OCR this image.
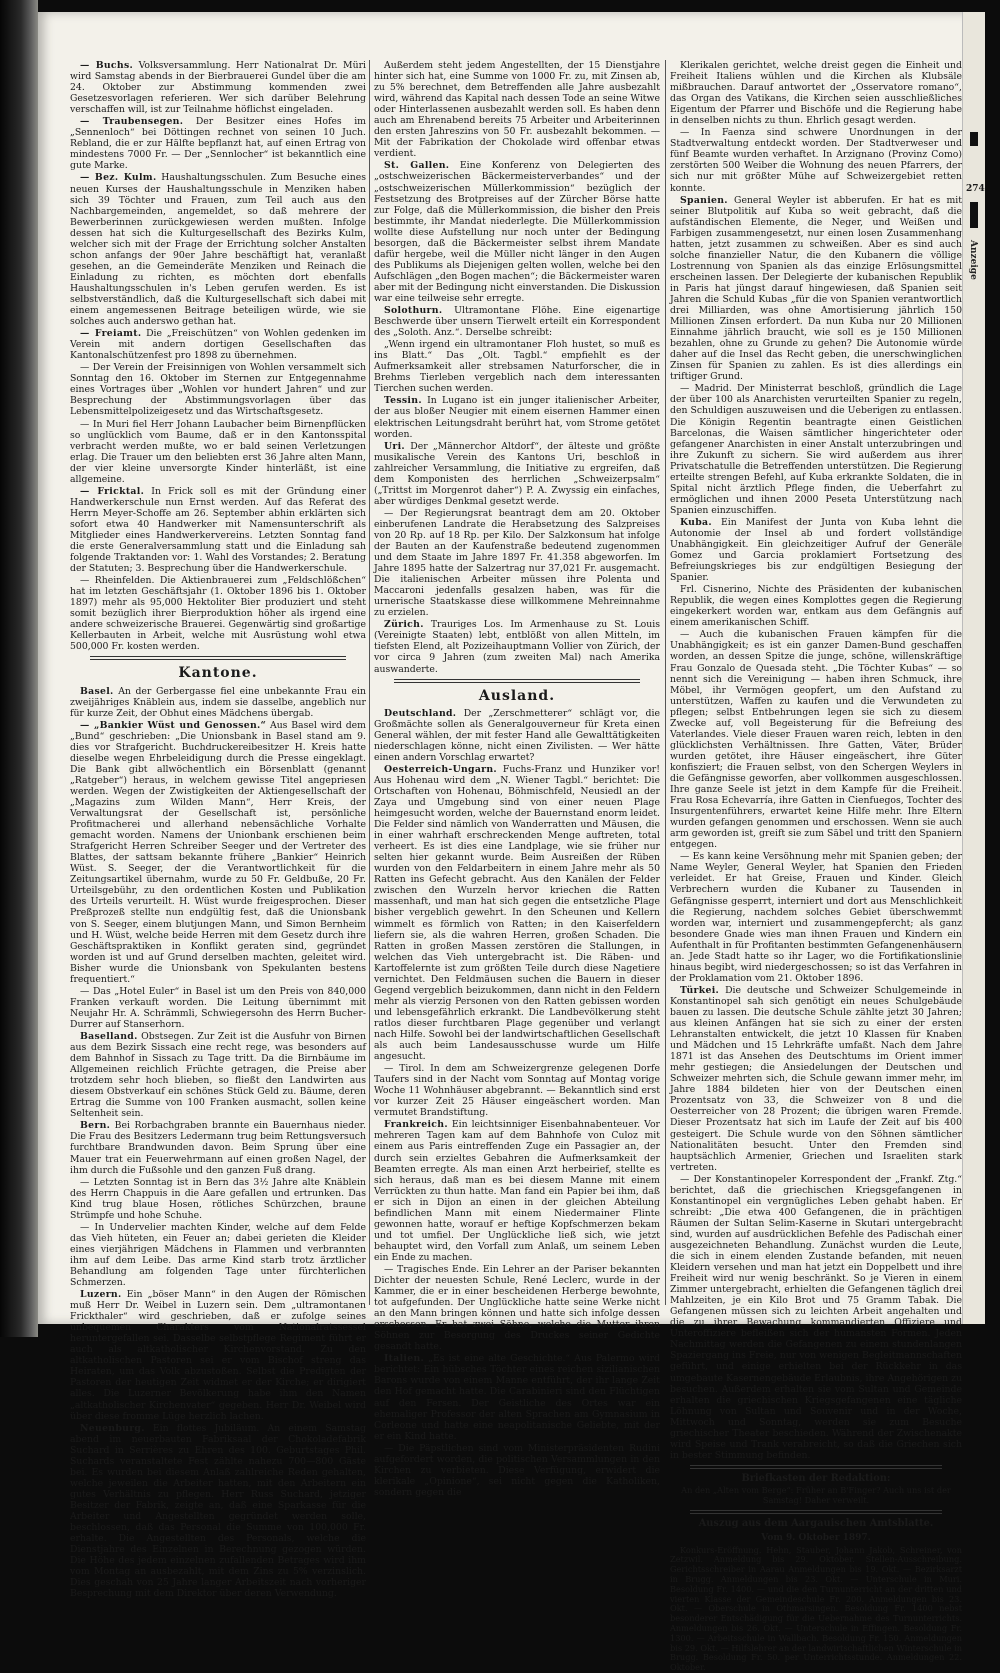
— Buchs. Volksversammlung. Herr Nationalrat Dr. Müri wird Samstag abends in der Bierbrauerei Gundel über die am 24. Oktober zur Abstimmung kommenden zwei Gesetzesvorlagen referieren. Wer sich darüber Belehrung verschaffen will, ist zur Teilnahme höflichst eingeladen.

— Traubensegen. Der Besitzer eines Hofes im „Sennenloch“ bei Döttingen rechnet von seinen 10 Juch. Rebland, die er zur Hälfte bepflanzt hat, auf einen Ertrag von mindestens 7000 Fr. — Der „Sennlocher“ ist bekanntlich eine gute Marke.

— Bez. Kulm. Haushaltungsschulen. Zum Besuche eines neuen Kurses der Haushaltungsschule in Menziken haben sich 39 Töchter und Frauen, zum Teil auch aus den Nachbargemeinden, angemeldet, so daß mehrere der Bewerberinnen zurückgewiesen werden mußten. Infolge dessen hat sich die Kulturgesellschaft des Bezirks Kulm, welcher sich mit der Frage der Errichtung solcher Anstalten schon anfangs der 90er Jahre beschäftigt hat, veranlaßt gesehen, an die Gemeinderäte Menziken und Reinach die Einladung zu richten, es möchten dort ebenfalls Haushaltungsschulen in's Leben gerufen werden. Es ist selbstverständlich, daß die Kulturgesellschaft sich dabei mit einem angemessenen Beitrage beteiligen würde, wie sie solches auch anderswo gethan hat.

— Freiamt. Die „Freischützen“ von Wohlen gedenken im Verein mit andern dortigen Gesellschaften das Kantonalschützenfest pro 1898 zu übernehmen.

— Der Verein der Freisinnigen von Wohlen versammelt sich Sonntag den 16. Oktober im Sternen zur Entgegennahme eines Vortrages über „Wohlen vor hundert Jahren“ und zur Besprechung der Abstimmungsvorlagen über das Lebensmittelpolizeigesetz und das Wirtschaftsgesetz.

— In Muri fiel Herr Johann Laubacher beim Birnenpflücken so unglücklich vom Baume, daß er in den Kantonsspital verbracht werden mußte, wo er bald seinen Verletzungen erlag. Die Trauer um den beliebten erst 36 Jahre alten Mann, der vier kleine unversorgte Kinder hinterläßt, ist eine allgemeine.

— Fricktal. In Frick soll es mit der Gründung einer Handwerkerschule nun Ernst werden. Auf das Referat des Herrn Meyer-Schoffe am 26. September abhin erklärten sich sofort etwa 40 Handwerker mit Namensunterschrift als Mitglieder eines Handwerkervereins. Letzten Sonntag fand die erste Generalversammlung statt und die Einladung sah folgende Traktanden vor: 1. Wahl des Vorstandes; 2. Beratung der Statuten; 3. Besprechung über die Handwerkerschule.

— Rheinfelden. Die Aktienbrauerei zum „Feldschlößchen“ hat im letzten Geschäftsjahr (1. Oktober 1896 bis 1. Oktober 1897) mehr als 95,000 Hektoliter Bier produziert und steht somit bezüglich ihrer Bierproduktion höher als irgend eine andere schweizerische Brauerei. Gegenwärtig sind großartige Kellerbauten in Arbeit, welche mit Ausrüstung wohl etwa 500,000 Fr. kosten werden.

Kantone.

Basel. An der Gerbergasse fiel eine unbekannte Frau ein zweijähriges Knäblein aus, indem sie dasselbe, angeblich nur für kurze Zeit, der Obhut eines Mädchens übergab.

— „Bankier Wüst und Genossen.“ Aus Basel wird dem „Bund“ geschrieben: „Die Unionsbank in Basel stand am 9. dies vor Strafgericht. Buchdruckereibesitzer H. Kreis hatte dieselbe wegen Ehrbeleidigung durch die Presse eingeklagt. Die Bank gibt allwöchentlich ein Börsenblatt (genannt „Ratgeber“) heraus, in welchem gewisse Titel angepriesen werden. Wegen der Zwistigkeiten der Aktiengesellschaft der „Magazins zum Wilden Mann“, Herr Kreis, der Verwaltungsrat der Gesellschaft ist, persönliche Profitmacherei und allerhand nebensächliche Vorhalte gemacht worden. Namens der Unionbank erschienen beim Strafgericht Herren Schreiber Seeger und der Vertreter des Blattes, der sattsam bekannte frühere „Bankier“ Heinrich Wüst. S. Seeger, der die Verantwortlichkeit für die Zeitungsartikel übernahm, wurde zu 50 Fr. Geldbuße, 20 Fr. Urteilsgebühr, zu den ordentlichen Kosten und Publikation des Urteils verurteilt. H. Wüst wurde freigesprochen. Dieser Preßprozeß stellte nun endgültig fest, daß die Unionsbank von S. Seeger, einem blutjungen Mann, und Simon Bernheim und H. Wüst, welche beide Herren mit dem Gesetz durch ihre Geschäftspraktiken in Konflikt geraten sind, gegründet worden ist und auf Grund derselben machten, geleitet wird. Bisher wurde die Unionsbank von Spekulanten bestens frequentiert.“

— Das „Hotel Euler“ in Basel ist um den Preis von 840,000 Franken verkauft worden. Die Leitung übernimmt mit Neujahr Hr. A. Schrämmli, Schwiegersohn des Herrn Bucher-Durrer auf Stanserhorn.

Baselland. Obstsegen. Zur Zeit ist die Ausfuhr von Birnen aus dem Bezirk Sissach eine recht rege, was besonders auf dem Bahnhof in Sissach zu Tage tritt. Da die Birnbäume im Allgemeinen reichlich Früchte getragen, die Preise aber trotzdem sehr hoch blieben, so fließt den Landwirten aus diesem Obstverkauf ein schönes Stück Geld zu. Bäume, deren Ertrag die Summe von 100 Franken ausmacht, sollen keine Seltenheit sein.

Bern. Bei Rorbachgraben brannte ein Bauernhaus nieder. Die Frau des Besitzers Ledermann trug beim Rettungsversuch furchtbare Brandwunden davon. Beim Sprung über eine Mauer trat ein Feuerwehrmann auf einen großen Nagel, der ihm durch die Fußsohle und den ganzen Fuß drang.

— Letzten Sonntag ist in Bern das 3½ Jahre alte Knäblein des Herrn Chappuis in die Aare gefallen und ertrunken. Das Kind trug blaue Hosen, rötliches Schürzchen, braune Strümpfe und hohe Schuhe.

— In Undervelier machten Kinder, welche auf dem Felde das Vieh hüteten, ein Feuer an; dabei gerieten die Kleider eines vierjährigen Mädchens in Flammen und verbrannten ihm auf dem Leibe. Das arme Kind starb trotz ärztlicher Behandlung am folgenden Tage unter fürchterlichen Schmerzen.

Luzern. Ein „böser Mann“ in den Augen der Römischen muß Herr Dr. Weibel in Luzern sein. Dem „ultramontanen Frickthaler“ wird geschrieben, daß er zufolge seines unbequemen Charakters vom Nationalratssessel heruntergefallen sei. Dasselbe selbstpflege Regiment führt er auch als altkatholischer Kirchenvorstand. Zu den altkatholischen Pastoren sei er vom Bischof streng das Heiraten, um das Volk abzustoßen. Selbst die Predigten der Pastoren der heutigen Zeit widmet er der Kirche; er dirigiert alles. Die Luzerner Bevölkerung habe ihm den Namen „altkatholischer Kirchenvater“ gegeben. Herr Dr. Weibel wird über diese fromme Lüge herzlich lachen.

Neuenburg. Ein flottes Jubiläum. An einem Samstag abend im neuerbauten Fabriksaal der Chokoladefabrik Suchard in Serrières zu Ehren des 100. Geburtstages Phil. Suchards veranstaltete Fest zählte nahezu 700—800 Gäste bei. Es wurden bei diesem Anlaß zahlreiche Reden gehalten, welche jeweilen die Arbeiter hatten, mit den Arbeitern ein gutes Verhältnis zu pflegen. Herr Russ Suchard, jetziger Besitzer der Fabrik, zeigte an, daß eine Sparkasse für die Arbeiter und Angestellten gegründet werden solle, beschlossen, daß das Personal die Summe von 100,000 Fr. erhalte. Die Angestellten des Personals, welche die Dienstjahre des Einzelnen in Berechnung gezogen würden. Die Höhe des jedem einzelnen zufallenden Betrages wird ihm vom Montag an ausbezahlt, mit dem Zins zu 5% verzinslich. Dies geschah von 25 Jahre langer Arbeitszeit nach vorheriger Besprechung mit dem Direktor über deren Verwendung.

Außerdem steht jedem Angestellten, der 15 Dienstjahre hinter sich hat, eine Summe von 1000 Fr. zu, mit Zinsen ab, zu 5% berechnet, dem Betreffenden alle Jahre ausbezahlt wird, während das Kapital nach dessen Tode an seine Witwe oder Hinterlassenen ausbezahlt werden soll. Es haben denn auch am Ehrenabend bereits 75 Arbeiter und Arbeiterinnen den ersten Jahreszins von 50 Fr. ausbezahlt bekommen. — Mit der Fabrikation der Chokolade wird offenbar etwas verdient.

St. Gallen. Eine Konferenz von Delegierten des „ostschweizerischen Bäckermeisterverbandes“ und der „ostschweizerischen Müllerkommission“ bezüglich der Festsetzung des Brotpreises auf der Zürcher Börse hatte zur Folge, daß die Müllerkommission, die bisher den Preis bestimmte, ihr Mandat niederlegte. Die Müllerkommission wollte diese Aufstellung nur noch unter der Bedingung besorgen, daß die Bäckermeister selbst ihrem Mandate dafür hergebe, weil die Müller nicht länger in den Augen des Publikums als Diejenigen gelten wollen, welche bei den Aufschlägen „den Bogen machen“; die Bäckermeister waren aber mit der Bedingung nicht einverstanden. Die Diskussion war eine teilweise sehr erregte.

Solothurn. Ultramontane Flöhe. Eine eigenartige Beschwerde über unsern Tierwelt erteilt ein Korrespondent des „Soloth. Anz.“. Derselbe schreibt:

„Wenn irgend ein ultramontaner Floh hustet, so muß es ins Blatt.“ Das „Olt. Tagbl.“ empfiehlt es der Aufmerksamkeit aller strebsamen Naturforscher, die in Brehms Tierleben vergeblich nach dem interessanten Tierchen suchen werden.

Tessin. In Lugano ist ein junger italienischer Arbeiter, der aus bloßer Neugier mit einem eisernen Hammer einen elektrischen Leitungsdraht berührt hat, vom Strome getötet worden.

Uri. Der „Männerchor Altdorf“, der älteste und größte musikalische Verein des Kantons Uri, beschloß in zahlreicher Versammlung, die Initiative zu ergreifen, daß dem Komponisten des herrlichen „Schweizerpsalm“ („Trittst im Morgenrot daher“) P. A. Zwyssig ein einfaches, aber würdiges Denkmal gesetzt werde.

— Der Regierungsrat beantragt dem am 20. Oktober einberufenen Landrate die Herabsetzung des Salzpreises von 20 Rp. auf 18 Rp. per Kilo. Der Salzkonsum hat infolge der Bauten an der Kaufenstraße bedeutend zugenommen und dem Staate im Jahre 1897 Fr. 41.358 abgeworfen. Im Jahre 1895 hatte der Salzertrag nur 37,021 Fr. ausgemacht. Die italienischen Arbeiter müssen ihre Polenta und Maccaroni jedenfalls gesalzen haben, was für die urnerische Staatskasse diese willkommene Mehreinnahme zu erzielen.

Zürich. Trauriges Los. Im Armenhause zu St. Louis (Vereinigte Staaten) lebt, entblößt von allen Mitteln, im tiefsten Elend, alt Pozizeihauptmann Vollier von Zürich, der vor circa 9 Jahren (zum zweiten Mal) nach Amerika auswanderte.

Ausland.

Deutschland. Der „Zerschmetterer“ schlägt vor, die Großmächte sollen als Generalgouverneur für Kreta einen General wählen, der mit fester Hand alle Gewalttätigkeiten niederschlagen könne, nicht einen Zivilisten. — Wer hätte einen andern Vorschlag erwartet?

Oesterreich-Ungarn. Fuchs-Franz und Hunziker vor! Aus Hohenau wird dem „N. Wiener Tagbl.“ berichtet: Die Ortschaften von Hohenau, Böhmischfeld, Neusiedl an der Zaya und Umgebung sind von einer neuen Plage heimgesucht worden, welche der Bauernstand enorm leidet. Die Felder sind nämlich von Wanderratten und Mäusen, die in einer wahrhaft erschreckenden Menge auftreten, total verheert. Es ist dies eine Landplage, wie sie früher nur selten hier gekannt wurde. Beim Ausreißen der Rüben wurden von den Feldarbeitern in einem Jahre mehr als 50 Ratten ins Gefecht gebracht. Aus den Kanälen der Felder zwischen den Wurzeln hervor kriechen die Ratten massenhaft, und man hat sich gegen die entsetzliche Plage bisher vergeblich gewehrt. In den Scheunen und Kellern wimmelt es förmlich von Ratten; in den Kaiserfeldern liefern sie, als die wahren Herren, großen Schaden. Die Ratten in großen Massen zerstören die Stallungen, in welchen das Vieh untergebracht ist. Die Räben- und Kartoffelernte ist zum größten Teile durch diese Nagetiere vernichtet. Den Feldmäusen suchen die Bauern in dieser Gegend vergeblich beizukommen, dann nicht in den Feldern mehr als vierzig Personen von den Ratten gebissen worden und lebensgefährlich erkrankt. Die Landbevölkerung steht ratlos dieser furchtbaren Plage gegenüber und verlangt nach Hilfe. Sowohl bei der landwirtschaftlichen Gesellschaft als auch beim Landesausschusse wurde um Hilfe angesucht.

— Tirol. In dem am Schweizergrenze gelegenen Dorfe Taufers sind in der Nacht vom Sonntag auf Montag vorige Woche 11 Wohnhäuser abgebrannt. — Bekanntlich sind erst vor kurzer Zeit 25 Häuser eingeäschert worden. Man vermutet Brandstiftung.

Frankreich. Ein leichtsinniger Eisenbahnabenteuer. Vor mehreren Tagen kam auf dem Bahnhofe von Culoz mit einem aus Paris eintreffenden Zuge ein Passagier an, der durch sein erzieltes Gebahren die Aufmerksamkeit der Beamten erregte. Als man einen Arzt herbeirief, stellte es sich heraus, daß man es bei diesem Manne mit einem Verrückten zu thun hatte. Man fand ein Papier bei ihm, daß er sich in Dijon an einen in der gleichen Abteilung befindlichen Mann mit einem Niedermainer Flinte gewonnen hatte, worauf er heftige Kopfschmerzen bekam und tot umfiel. Der Unglückliche ließ sich, wie jetzt behauptet wird, den Vorfall zum Anlaß, um seinem Leben ein Ende zu machen.

— Tragisches Ende. Ein Lehrer an der Pariser bekannten Dichter der neuesten Schule, René Leclerc, wurde in der Kammer, die er in einer bescheidenen Herberge bewohnte, tot aufgefunden. Der Unglückliche hatte seine Werke nicht an den Mann bringen können und hatte sich infolge dessen erschossen. Er hat zwei Söhne, welche die Mutter ihren Söhnen zur Besorgung des Druckes seiner Gedichte gesandt hatte.

Italien. „Es ist eine alte Geschichte.“ Aus Palermo wird berichtet: Ein hübsches Töchter eines reichen sizilianischen Barons wurde von einem Manne entführt, der ihr lange Zeit den Hof gemacht hatte. Die Carabinieri sind den Flüchtigen auf den Fersen. Der Geistliche des Ortes war ein ehemaliger Professor der alten Sprachen am Gymnasium in Corleone und hatte eine neapolitanische Geliebte, mit der er ein Kind hatte.

— Die Päpstlichen sind vom Ministerpräsidenten Rudini aufgefordert worden, die politischen Versammlungen in den Kirchen zu verbieten. Diese Verfügung, erwidert die klerikale „Opinione“, sei nicht gegen die Katholiken, sondern gegen die

Klerikalen gerichtet, welche dreist gegen die Einheit und Freiheit Italiens wühlen und die Kirchen als Klubsäle mißbrauchen. Darauf antwortet der „Osservatore romano“, das Organ des Vatikans, die Kirchen seien ausschließliches Eigentum der Pfarrer und Bischöfe und die Regierung habe in denselben nichts zu thun. Ehrlich gesagt werden.

— In Faenza sind schwere Unordnungen in der Stadtverwaltung entdeckt worden. Der Stadtverweser und fünf Beamte wurden verhaftet. In Arzignano (Provinz Como) zerstörten 500 Weiber die Wohnung des neuen Pfarrers, der sich nur mit größter Mühe auf Schweizergebiet retten konnte.

Spanien. General Weyler ist abberufen. Er hat es mit seiner Blutpolitik auf Kuba so weit gebracht, daß die aufständischen Elemente, die Neger, und Weißen und Farbigen zusammengesetzt, nur einen losen Zusammenhang hatten, jetzt zusammen zu schweißen. Aber es sind auch solche finanzieller Natur, die den Kubanern die völlige Lostrennung von Spanien als das einzige Erlösungsmittel erscheinen lassen. Der Delegierte der kubanischen Republik in Paris hat jüngst darauf hingewiesen, daß Spanien seit Jahren die Schuld Kubas „für die von Spanien verantwortlich drei Milliarden, was ohne Amortisierung jährlich 150 Millionen Zinsen erfordert. Da nun Kuba nur 20 Millionen Einnahme jährlich braucht, wie soll es je 150 Millionen bezahlen, ohne zu Grunde zu gehen? Die Autonomie würde daher auf die Insel das Recht geben, die unerschwinglichen Zinsen für Spanien zu zahlen. Es ist dies allerdings ein triftiger Grund.

— Madrid. Der Ministerrat beschloß, gründlich die Lage der über 100 als Anarchisten verurteilten Spanier zu regeln, den Schuldigen auszuweisen und die Ueberigen zu entlassen. Die Königin Regentin beantragte einen Geistlichen Barcelonas, die Waisen sämtlicher hingerichteter oder gefangener Anarchisten in einer Anstalt unterzubringen und ihre Zukunft zu sichern. Sie wird außerdem aus ihrer Privatschatulle die Betreffenden unterstützen. Die Regierung erteilte strengen Befehl, auf Kuba erkrankte Soldaten, die in Spital nicht ärztlich Pflege finden, die Ueberfahrt zu ermöglichen und ihnen 2000 Peseta Unterstützung nach Spanien einzuschiffen.

Kuba. Ein Manifest der Junta von Kuba lehnt die Autonomie der Insel ab und fordert vollständige Unabhängigkeit. Ein gleichzeitiger Aufruf der Generäle Gomez und Garcia proklamiert Fortsetzung des Befreiungskrieges bis zur endgültigen Besiegung der Spanier.

Frl. Cisnerino, Nichte des Präsidenten der kubanischen Republik, die wegen eines Komplottes gegen die Regierung eingekerkert worden war, entkam aus dem Gefängnis auf einem amerikanischen Schiff.

— Auch die kubanischen Frauen kämpfen für die Unabhängigkeit; es ist ein ganzer Damen-Bund geschaffen worden, an dessen Spitze die junge, schöne, willenskräftige Frau Gonzalo de Quesada steht. „Die Töchter Kubas“ — so nennt sich die Vereinigung — haben ihren Schmuck, ihre Möbel, ihr Vermögen geopfert, um den Aufstand zu unterstützen, Waffen zu kaufen und die Verwundeten zu pflegen; selbst Entbehrungen legen sie sich zu diesem Zwecke auf, voll Begeisterung für die Befreiung des Vaterlandes. Viele dieser Frauen waren reich, lebten in den glücklichsten Verhältnissen. Ihre Gatten, Väter, Brüder wurden getötet, ihre Häuser eingeäschert, ihre Güter konfisziert; die Frauen selbst, von den Schergen Weylers in die Gefängnisse geworfen, aber vollkommen ausgeschlossen. Ihre ganze Seele ist jetzt in dem Kampfe für die Freiheit. Frau Rosa Echevarría, ihre Gatten in Cienfuegos, Tochter des Insurgentenführers, erwartet keine Hilfe mehr. Ihre Eltern wurden gefangen genommen und erschossen. Wenn sie auch arm geworden ist, greift sie zum Säbel und tritt den Spaniern entgegen.

— Es kann keine Versöhnung mehr mit Spanien geben; der Name Weyler, General Weyler, hat Spanien den Frieden verleidet. Er hat Greise, Frauen und Kinder. Gleich Verbrechern wurden die Kubaner zu Tausenden in Gefängnisse gesperrt, interniert und dort aus Menschlichkeit die Regierung, nachdem solches Gebiet überschwemmt worden war, interniert und zusammengepfercht; als ganz besondere Gnade wies man ihnen Frauen und Kindern ein Aufenthalt in für Profitanten bestimmten Gefangenenhäusern an. Jede Stadt hatte so ihr Lager, wo die Fortifikationslinie hinaus begibt, wird niedergeschossen; so ist das Verfahren in der Proklamation vom 21. Oktober 1896.

Türkei. Die deutsche und Schweizer Schulgemeinde in Konstantinopel sah sich genötigt ein neues Schulgebäude bauen zu lassen. Die deutsche Schule zählte jetzt 30 Jahren; aus kleinen Anfängen hat sie sich zu einer der ersten Lehranstalten entwickelt, die jetzt 10 Klassen für Knaben und Mädchen und 15 Lehrkräfte umfaßt. Nach dem Jahre 1871 ist das Ansehen des Deutschtums im Orient immer mehr gestiegen; die Ansiedelungen der Deutschen und Schweizer mehrten sich, die Schule gewann immer mehr, im Jahre 1884 bildeten hier von der Deutschen einen Prozentsatz von 33, die Schweizer von 8 und die Oesterreicher von 28 Prozent; die übrigen waren Fremde. Dieser Prozentsatz hat sich im Laufe der Zeit auf bis 400 gesteigert. Die Schule wurde von den Söhnen sämtlicher Nationalitäten besucht. Unter den Fremden sind hauptsächlich Armenier, Griechen und Israeliten stark vertreten.

— Der Konstantinopeler Korrespondent der „Frankf. Ztg.“ berichtet, daß die griechischen Kriegsgefangenen in Konstantinopel ein vergnügliches Leben gehabt haben. Er schreibt: „Die etwa 400 Gefangenen, die in prächtigen Räumen der Sultan Selim-Kaserne in Skutari untergebracht sind, wurden auf ausdrücklichen Befehle des Padischah einer ausgezeichneten Behandlung. Zunächst wurden die Leute, die sich in einem elenden Zustande befanden, mit neuen Kleidern versehen und man hat jetzt ein Doppelbett und ihre Freiheit wird nur wenig beschränkt. So je Vieren in einem Zimmer untergebracht, erhielten die Gefangenen täglich drei Mahlzeiten, je ein Kilo Brot und 75 Gramm Tabak. Die Gefangenen müssen sich zu leichten Arbeit angehalten und die zu ihrer Bewachung kommandierten Offiziere und Unteroffiziere befleißen sich der humansten Formen. Jeden Nachmittag werden die Gefangenen zu einem stundenlangen Spaziergang ins Freie, nur von wenigen Begleitmannschaften geführt, und einige erhielten bei der Rückkehr in das umgebaute Kasernengebäude Erlaubnis, ihre Angehörigen zu besuchen. Außerdem erhalten sie vom Sultan und Gemeinde erhalten die griechischen Kriegsgefangenen eine tägliche Löhnung von Sultan und Souvenir und in der Woche, Mittwoch und Sonntag, werden sie zum Besuche griechischer Theater beschieden. Während der Zwischenakte wird Speise und Trank verabreicht, so daß die Griechen sich in bester Stimmung befinden.

Briefkasten der Redaktion:

An den „Alten vom Berge“: Früher an B'Finger? Auch uns ist der Samstag! Daher verweilt.

Auszug aus dem Aargauischen Amtsblatte.
Vom 9. Oktober 1897.

Konkurs-Eröffnung. Hehn, Stauber, Johann Jakob, Schreiner, von Zetzwil. Anmeldung bis 29. Oktober. Stellen-Ausschreibung. Gerichtsschreiber in Aarau Anmeldungen bis 19. Okt. — Bezirksarzt in Brugg. Anmeldungen bis 23. Okt. — Unterschule in Muri. Besoldung Fr. 1400. — und die den Turnunterricht an der dritten und vierten Klasse der Gemeindeschule Fr. 200. Anmeldungen bis 23. Okt. — Oberschule in Othmarsingen. Besoldung Fr. 1400 nebst besonderer Entschädigung für die Uebernahme des Turnunterrichts. Anmeldungen bis 26. Okt. — Unterschule in Effingen. Besoldung Fr. 1300. — Arbeitsschule in Wallbach. Besoldung Fr. 150. Anmeldungen bis 29. Okt. — Hilfslehrer an der landwirtschaftlichen Winterschule in Brugg. Besoldung Fr. 50. per Unterrichtsstunde. Anmeldungen 22. Oktober.

274
Anzeige
